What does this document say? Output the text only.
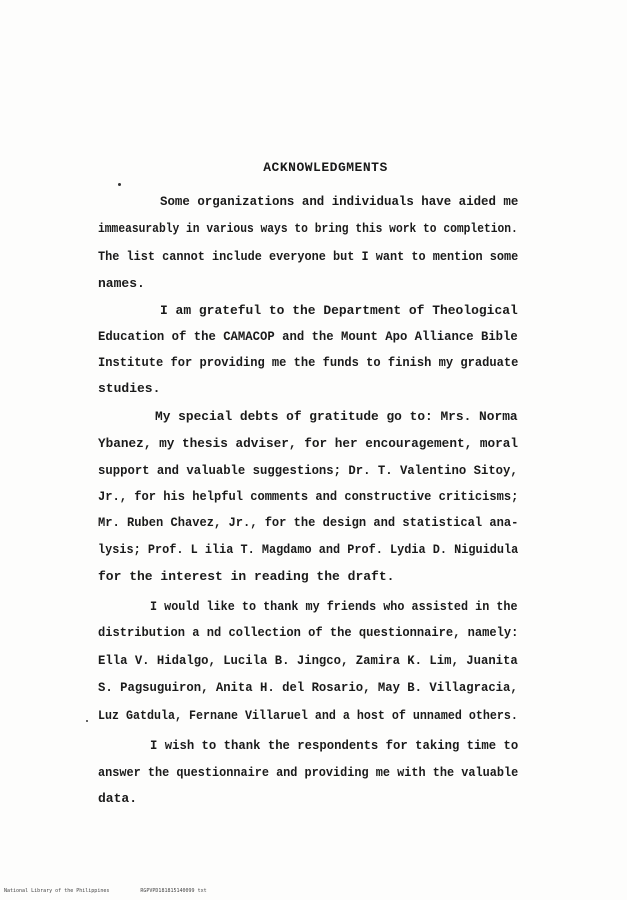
ACKNOWLEDGMENTS
Some organizations and individuals have aided me
immeasurably in various ways to bring this work to completion.
The list cannot include everyone but I want to mention some
names.
I am grateful to the Department of Theological
Education of the CAMACOP and the Mount Apo Alliance Bible
Institute for providing me the funds to finish my graduate
studies.
My special debts of gratitude go to: Mrs. Norma
Ybanez, my thesis adviser, for her encouragement, moral
support and valuable suggestions; Dr. T. Valentino Sitoy,
Jr., for his helpful comments and constructive criticisms;
Mr. Ruben Chavez, Jr., for the design and statistical ana-
lysis; Prof. L ilia T. Magdamo and Prof. Lydia D. Niguidula
for the interest in reading the draft.
I would like to thank my friends who assisted in the
distribution a nd collection of the questionnaire, namely:
Ella V. Hidalgo, Lucila B. Jingco, Zamira K. Lim, Juanita
S. Pagsuguiron, Anita H. del Rosario, May B. Villagracia,
Luz Gatdula, Fernane Villaruel and a host of unnamed others.
I wish to thank the respondents for taking time to
answer the questionnaire and providing me with the valuable
data.
National Library of the Philippines	RGPVPD181815140099 txt
